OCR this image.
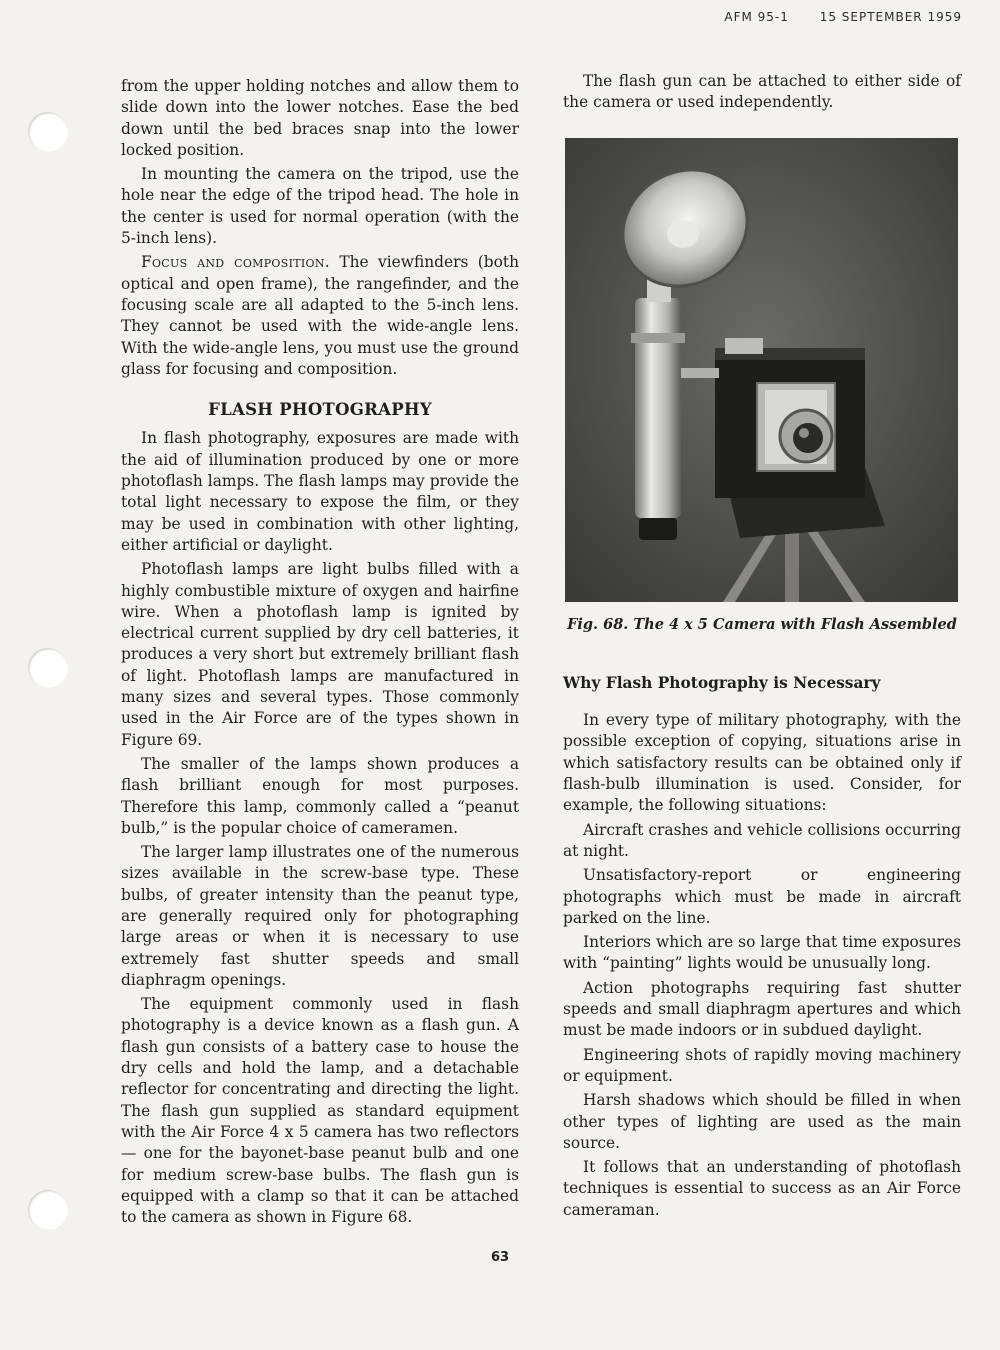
AFM 95-1	15 SEPTEMBER 1959

from the upper holding notches and allow them to slide down into the lower notches. Ease the bed down until the bed braces snap into the lower locked position.

In mounting the camera on the tripod, use the hole near the edge of the tripod head. The hole in the center is used for normal operation (with the 5-inch lens).

Focus and composition. The viewfinders (both optical and open frame), the rangefinder, and the focusing scale are all adapted to the 5-inch lens. They cannot be used with the wide-angle lens. With the wide-angle lens, you must use the ground glass for focusing and composition.

FLASH PHOTOGRAPHY

In flash photography, exposures are made with the aid of illumination produced by one or more photoflash lamps. The flash lamps may provide the total light necessary to expose the film, or they may be used in combination with other lighting, either artificial or daylight.

Photoflash lamps are light bulbs filled with a highly combustible mixture of oxygen and hairfine wire. When a photoflash lamp is ignited by electrical current supplied by dry cell batteries, it produces a very short but extremely brilliant flash of light. Photoflash lamps are manufactured in many sizes and several types. Those commonly used in the Air Force are of the types shown in Figure 69.

The smaller of the lamps shown produces a flash brilliant enough for most purposes. Therefore this lamp, commonly called a “peanut bulb,” is the popular choice of cameramen.

The larger lamp illustrates one of the numerous sizes available in the screw-base type. These bulbs, of greater intensity than the peanut type, are generally required only for photographing large areas or when it is necessary to use extremely fast shutter speeds and small diaphragm openings.

The equipment commonly used in flash photography is a device known as a flash gun. A flash gun consists of a battery case to house the dry cells and hold the lamp, and a detachable reflector for concentrating and directing the light. The flash gun supplied as standard equipment with the Air Force 4 x 5 camera has two reflectors — one for the bayonet-base peanut bulb and one for medium screw-base bulbs. The flash gun is equipped with a clamp so that it can be attached to the camera as shown in Figure 68.

The flash gun can be attached to either side of the camera or used independently.

Fig. 68. The 4 x 5 Camera with Flash Assembled
Why Flash Photography is Necessary

In every type of military photography, with the possible exception of copying, situations arise in which satisfactory results can be obtained only if flash-bulb illumination is used. Consider, for example, the following situations:

Aircraft crashes and vehicle collisions occurring at night.

Unsatisfactory-report or engineering photographs which must be made in aircraft parked on the line.

Interiors which are so large that time exposures with “painting” lights would be unusually long.

Action photographs requiring fast shutter speeds and small diaphragm apertures and which must be made indoors or in subdued daylight.

Engineering shots of rapidly moving machinery or equipment.

Harsh shadows which should be filled in when other types of lighting are used as the main source.

It follows that an understanding of photoflash techniques is essential to success as an Air Force cameraman.

63
